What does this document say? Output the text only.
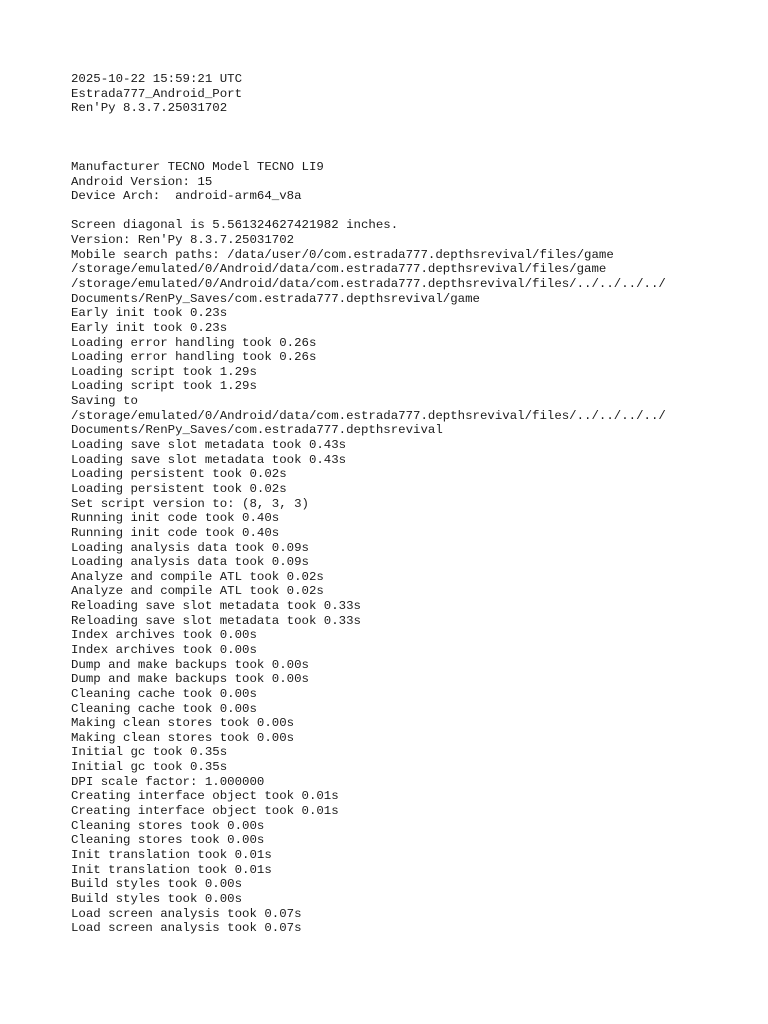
2025-10-22 15:59:21 UTC
Estrada777_Android_Port
Ren'Py 8.3.7.25031702
Manufacturer TECNO Model TECNO LI9
Android Version: 15
Device Arch:  android-arm64_v8a
Screen diagonal is 5.561324627421982 inches.
Version: Ren'Py 8.3.7.25031702
Mobile search paths: /data/user/0/com.estrada777.depthsrevival/files/game
/storage/emulated/0/Android/data/com.estrada777.depthsrevival/files/game
/storage/emulated/0/Android/data/com.estrada777.depthsrevival/files/../../../../
Documents/RenPy_Saves/com.estrada777.depthsrevival/game
Early init took 0.23s
Early init took 0.23s
Loading error handling took 0.26s
Loading error handling took 0.26s
Loading script took 1.29s
Loading script took 1.29s
Saving to
/storage/emulated/0/Android/data/com.estrada777.depthsrevival/files/../../../../
Documents/RenPy_Saves/com.estrada777.depthsrevival
Loading save slot metadata took 0.43s
Loading save slot metadata took 0.43s
Loading persistent took 0.02s
Loading persistent took 0.02s
Set script version to: (8, 3, 3)
Running init code took 0.40s
Running init code took 0.40s
Loading analysis data took 0.09s
Loading analysis data took 0.09s
Analyze and compile ATL took 0.02s
Analyze and compile ATL took 0.02s
Reloading save slot metadata took 0.33s
Reloading save slot metadata took 0.33s
Index archives took 0.00s
Index archives took 0.00s
Dump and make backups took 0.00s
Dump and make backups took 0.00s
Cleaning cache took 0.00s
Cleaning cache took 0.00s
Making clean stores took 0.00s
Making clean stores took 0.00s
Initial gc took 0.35s
Initial gc took 0.35s
DPI scale factor: 1.000000
Creating interface object took 0.01s
Creating interface object took 0.01s
Cleaning stores took 0.00s
Cleaning stores took 0.00s
Init translation took 0.01s
Init translation took 0.01s
Build styles took 0.00s
Build styles took 0.00s
Load screen analysis took 0.07s
Load screen analysis took 0.07s
